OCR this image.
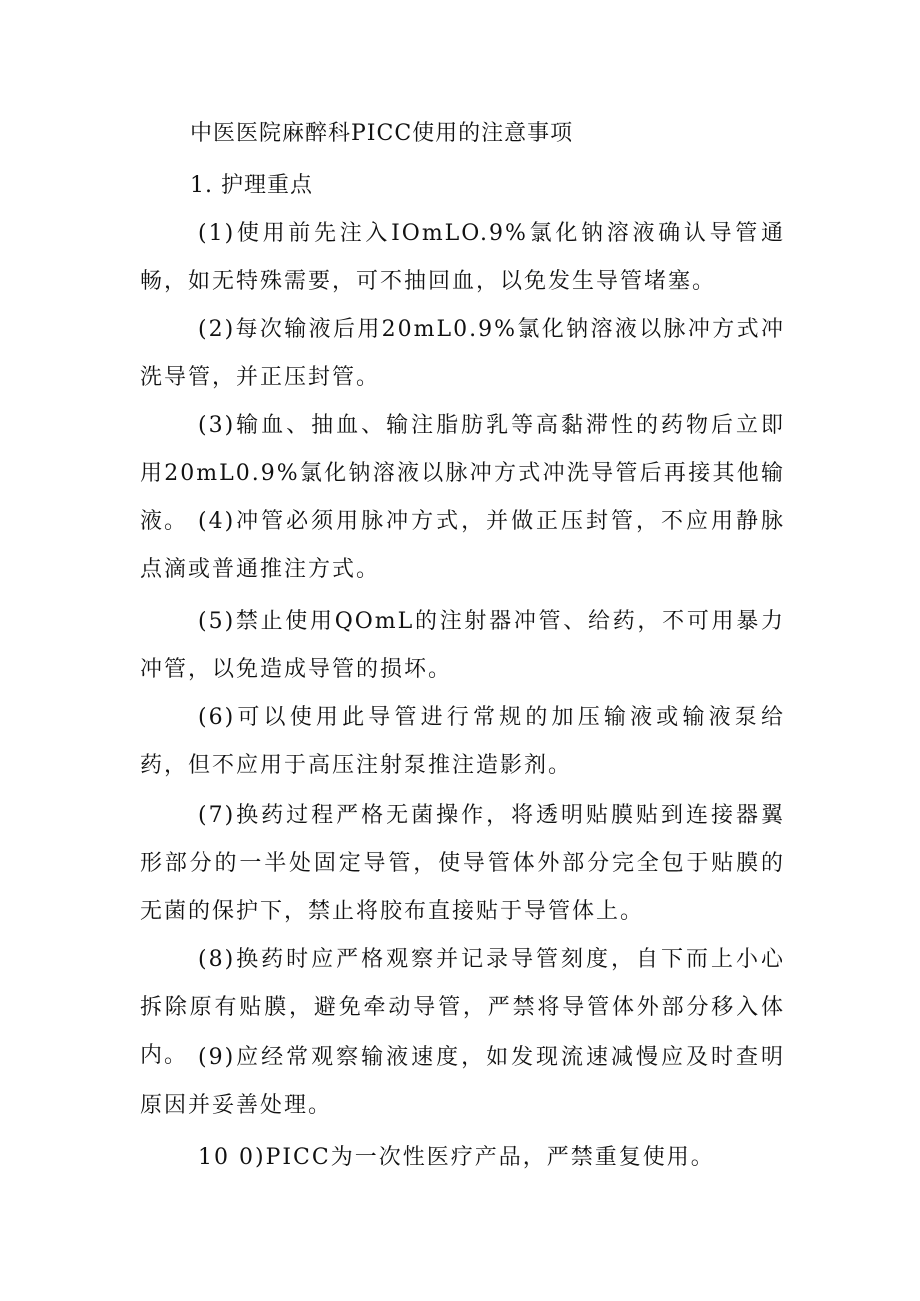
中医医院麻醉科PICC使用的注意事项
1. 护理重点

(1)使用前先注入IOmLO.9%氯化钠溶液确认导管通畅，如无特殊需要，可不抽回血，以免发生导管堵塞。

(2)每次输液后用20mL0.9%氯化钠溶液以脉冲方式冲洗导管，并正压封管。

(3)输血、抽血、输注脂肪乳等高黏滞性的药物后立即用20mL0.9%氯化钠溶液以脉冲方式冲洗导管后再接其他输液。 (4)冲管必须用脉冲方式，并做正压封管，不应用静脉点滴或普通推注方式。

(5)禁止使用QOmL的注射器冲管、给药，不可用暴力冲管，以免造成导管的损坏。

(6)可以使用此导管进行常规的加压输液或输液泵给药，但不应用于高压注射泵推注造影剂。

(7)换药过程严格无菌操作，将透明贴膜贴到连接器翼形部分的一半处固定导管，使导管体外部分完全包于贴膜的无菌的保护下，禁止将胶布直接贴于导管体上。

(8)换药时应严格观察并记录导管刻度，自下而上小心拆除原有贴膜，避免牵动导管，严禁将导管体外部分移入体内。 (9)应经常观察输液速度，如发现流速减慢应及时查明原因并妥善处理。

10 0)PICC为一次性医疗产品，严禁重复使用。
